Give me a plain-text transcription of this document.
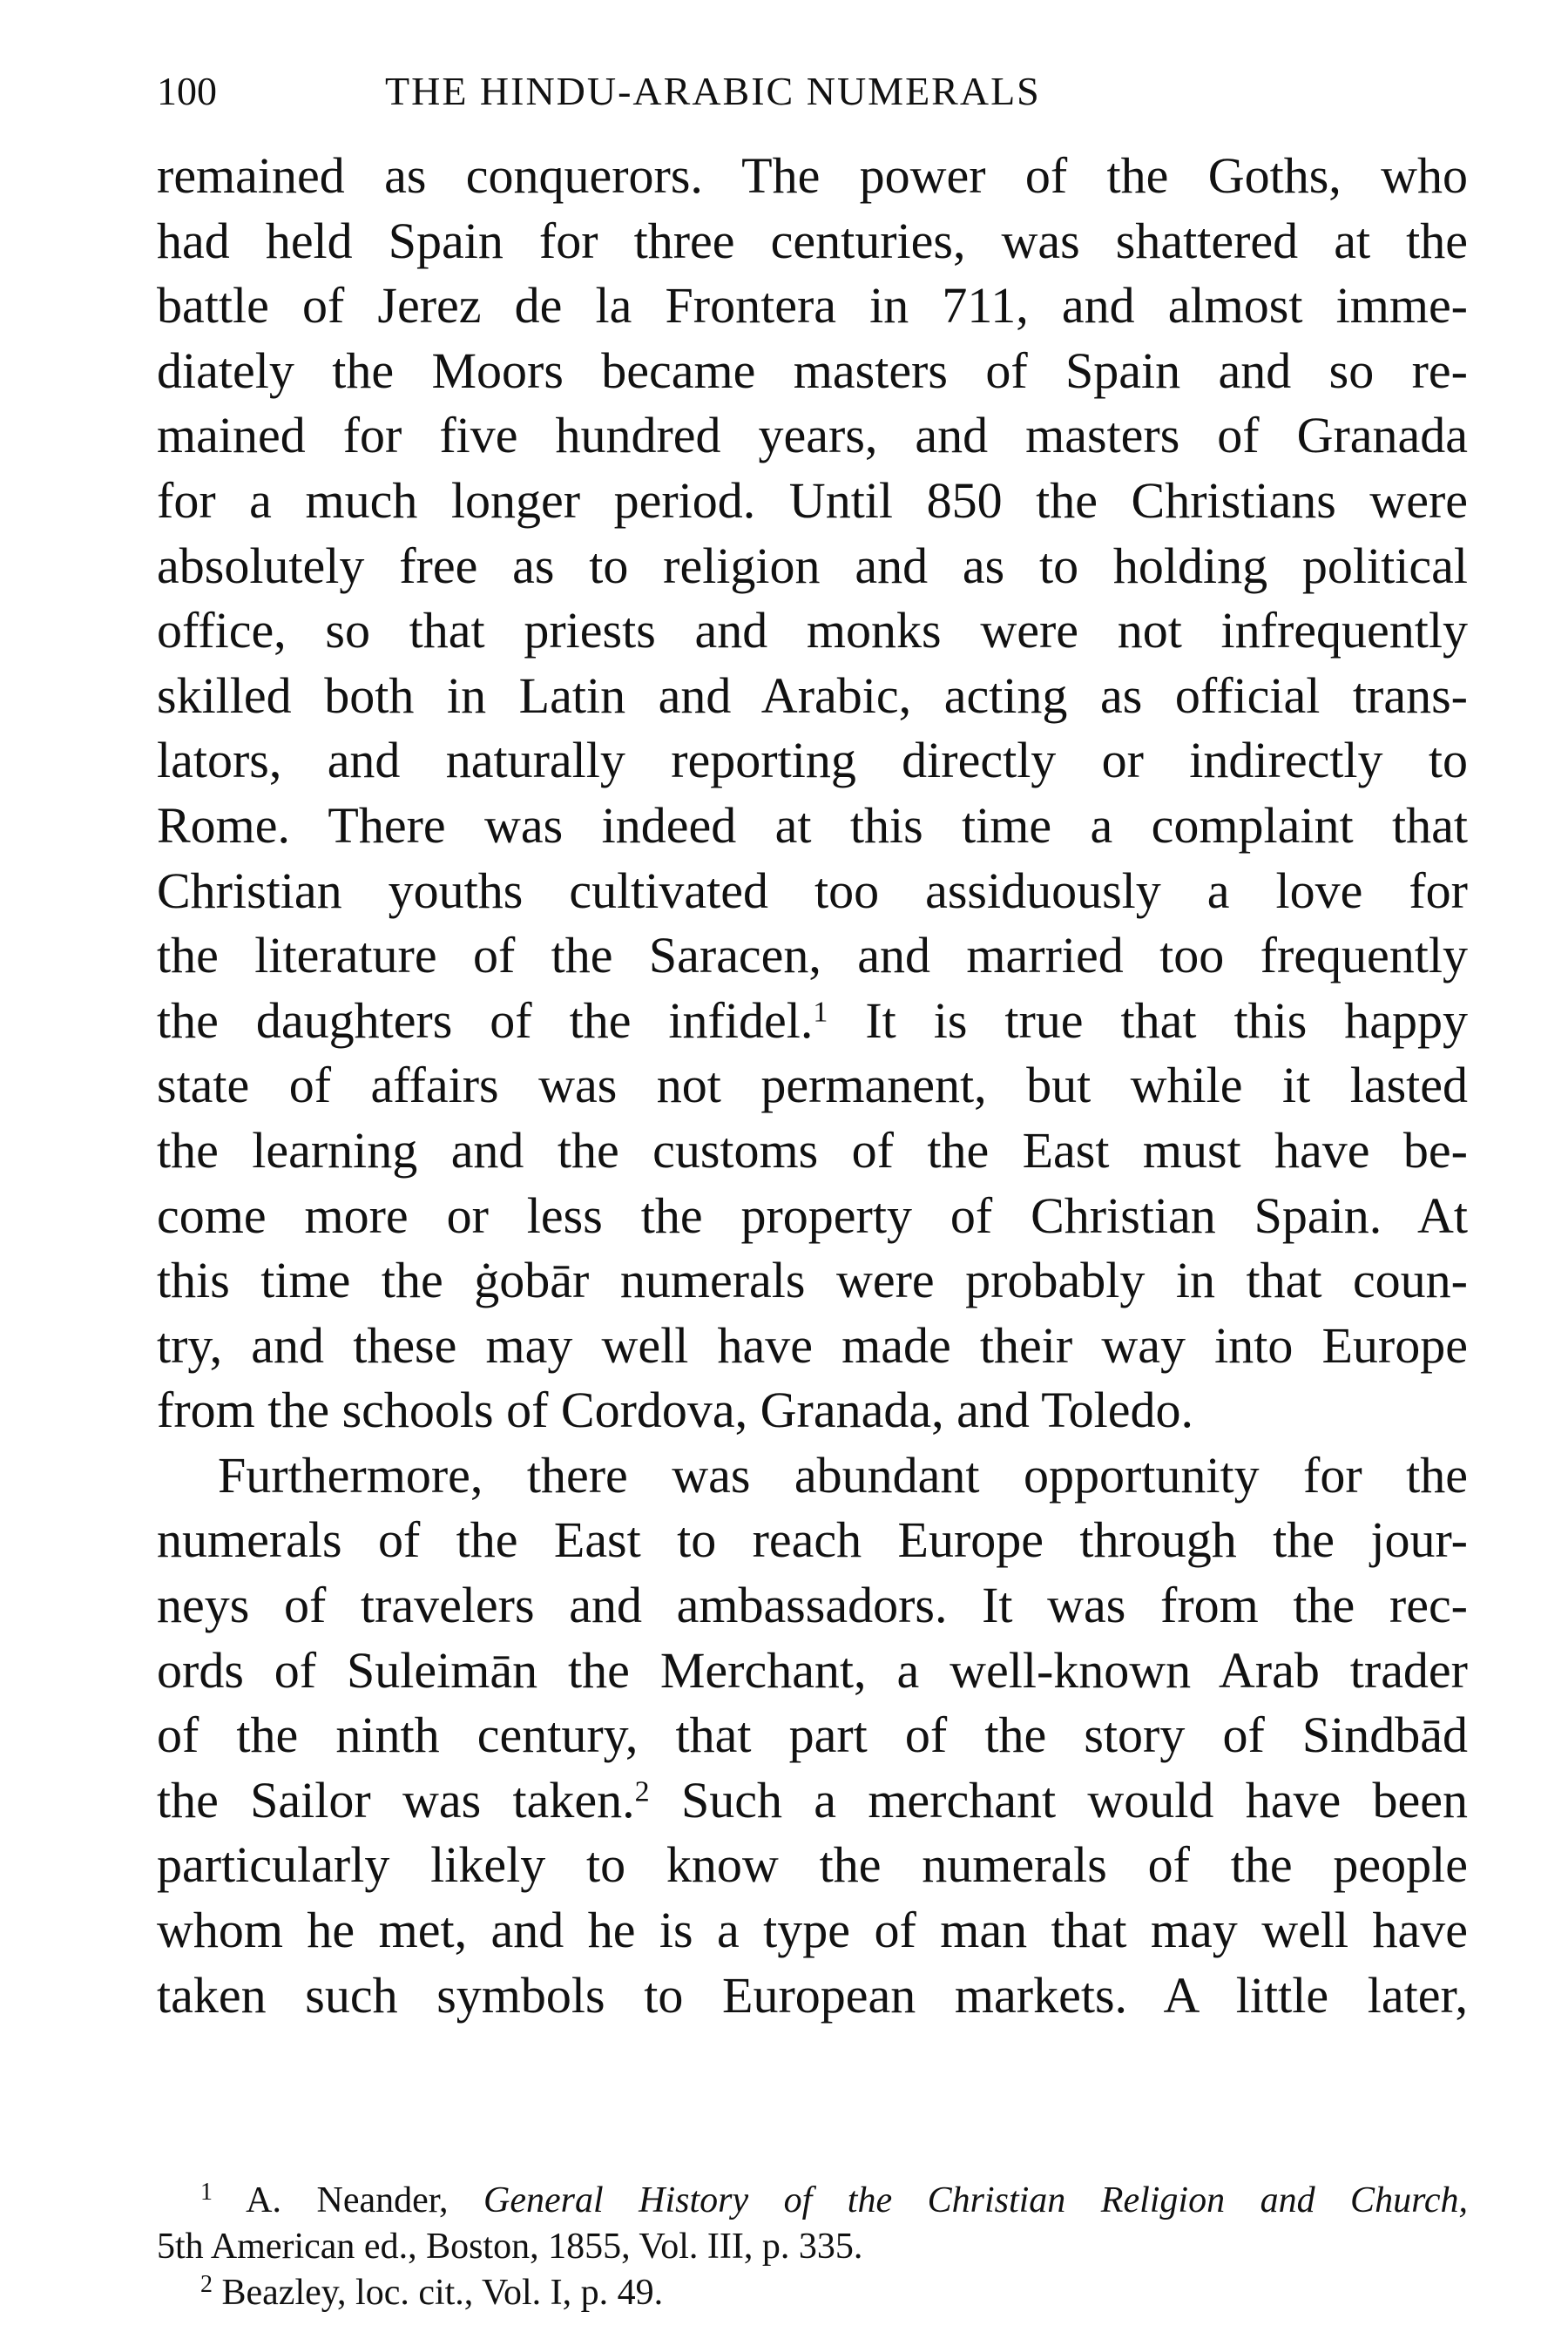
100	THE HINDU-ARABIC NUMERALS
remained as conquerors. The power of the Goths, who
had held Spain for three centuries, was shattered at the
battle of Jerez de la Frontera in 711, and almost imme-
diately the Moors became masters of Spain and so re-
mained for five hundred years, and masters of Granada
for a much longer period. Until 850 the Christians were
absolutely free as to religion and as to holding political
office, so that priests and monks were not infrequently
skilled both in Latin and Arabic, acting as official trans-
lators, and naturally reporting directly or indirectly to
Rome. There was indeed at this time a complaint that
Christian youths cultivated too assiduously a love for
the literature of the Saracen, and married too frequently
the daughters of the infidel.$^1$ It is true that this happy
state of affairs was not permanent, but while it lasted
the learning and the customs of the East must have be-
come more or less the property of Christian Spain. At
this time the ġobār numerals were probably in that coun-
try, and these may well have made their way into Europe
from the schools of Cordova, Granada, and Toledo.
Furthermore, there was abundant opportunity for the
numerals of the East to reach Europe through the jour-
neys of travelers and ambassadors. It was from the rec-
ords of Suleimān the Merchant, a well-known Arab trader
of the ninth century, that part of the story of Sindbād
the Sailor was taken.$^2$ Such a merchant would have been
particularly likely to know the numerals of the people
whom he met, and he is a type of man that may well have
taken such symbols to European markets. A little later,
$^1$ A. Neander, General History of the Christian Religion and Church,
5th American ed., Boston, 1855, Vol. III, p. 335.
$^2$ Beazley, loc. cit., Vol. I, p. 49.
